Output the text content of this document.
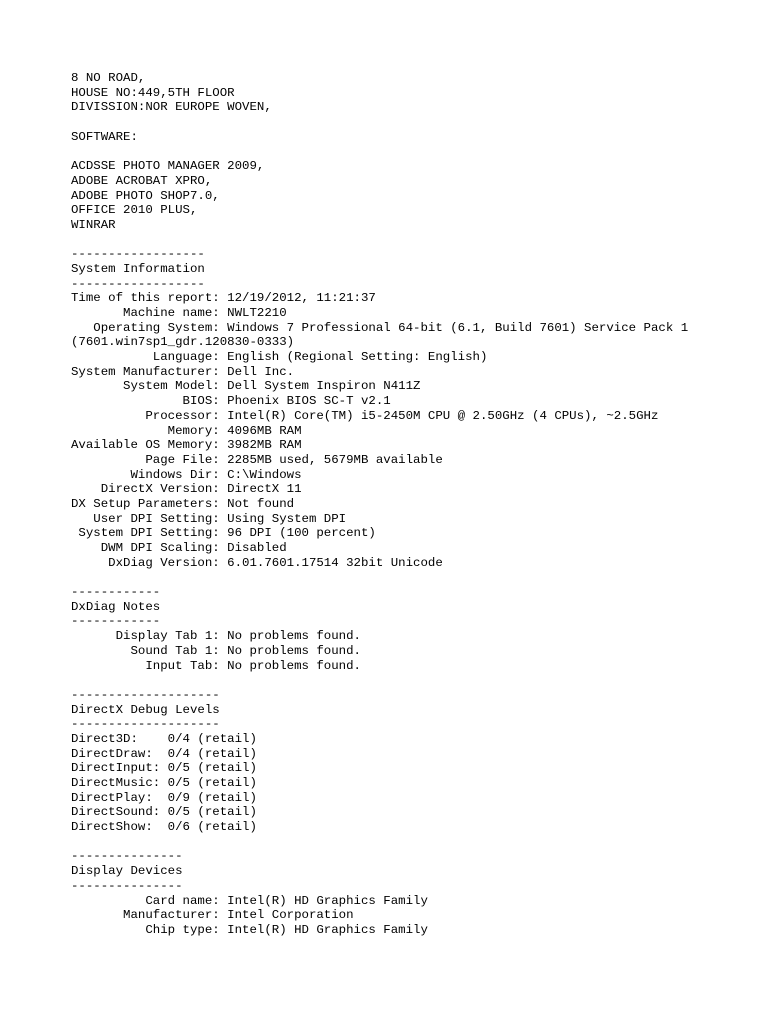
8 NO ROAD,
HOUSE NO:449,5TH FLOOR
DIVISSION:NOR EUROPE WOVEN,
SOFTWARE:
ACDSSE PHOTO MANAGER 2009,
ADOBE ACROBAT XPRO,
ADOBE PHOTO SHOP7.0,
OFFICE 2010 PLUS,
WINRAR
------------------
System Information
------------------
Time of this report: 12/19/2012, 11:21:37
Machine name: NWLT2210
Operating System: Windows 7 Professional 64-bit (6.1, Build 7601) Service Pack 1
(7601.win7sp1_gdr.120830-0333)
Language: English (Regional Setting: English)
System Manufacturer: Dell Inc.
System Model: Dell System Inspiron N411Z
BIOS: Phoenix BIOS SC-T v2.1
Processor: Intel(R) Core(TM) i5-2450M CPU @ 2.50GHz (4 CPUs), ~2.5GHz
Memory: 4096MB RAM
Available OS Memory: 3982MB RAM
Page File: 2285MB used, 5679MB available
Windows Dir: C:\Windows
DirectX Version: DirectX 11
DX Setup Parameters: Not found
User DPI Setting: Using System DPI
System DPI Setting: 96 DPI (100 percent)
DWM DPI Scaling: Disabled
DxDiag Version: 6.01.7601.17514 32bit Unicode
------------
DxDiag Notes
------------
Display Tab 1: No problems found.
Sound Tab 1: No problems found.
Input Tab: No problems found.
--------------------
DirectX Debug Levels
--------------------
Direct3D:    0/4 (retail)
DirectDraw:  0/4 (retail)
DirectInput: 0/5 (retail)
DirectMusic: 0/5 (retail)
DirectPlay:  0/9 (retail)
DirectSound: 0/5 (retail)
DirectShow:  0/6 (retail)
---------------
Display Devices
---------------
Card name: Intel(R) HD Graphics Family
Manufacturer: Intel Corporation
Chip type: Intel(R) HD Graphics Family
